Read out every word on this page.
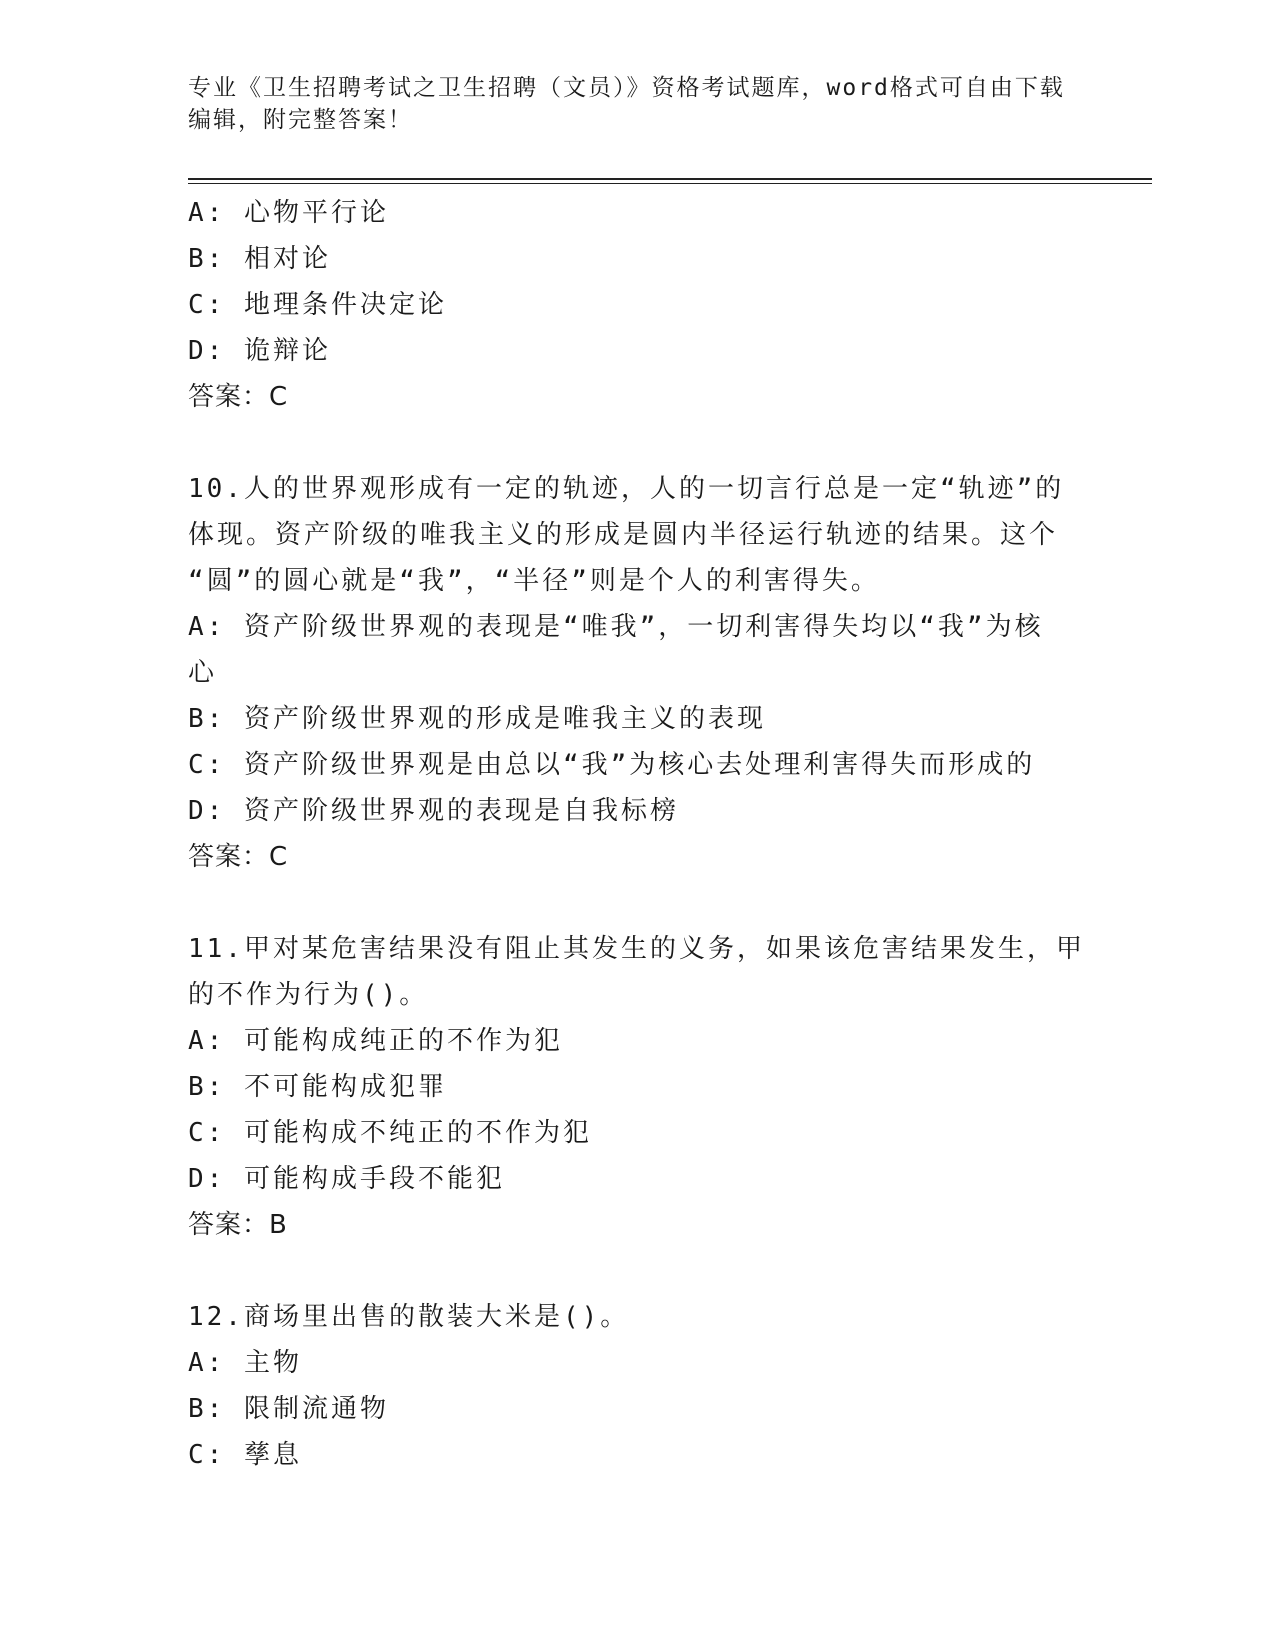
专业《卫生招聘考试之卫生招聘（文员）》资格考试题库，word格式可自由下载
编辑，附完整答案！
A: 心物平行论
B: 相对论
C: 地理条件决定论
D: 诡辩论
答案：C
10.人的世界观形成有一定的轨迹，人的一切言行总是一定“轨迹”的
体现。资产阶级的唯我主义的形成是圆内半径运行轨迹的结果。这个
“圆”的圆心就是“我”，“半径”则是个人的利害得失。
A: 资产阶级世界观的表现是“唯我”，一切利害得失均以“我”为核
心
B: 资产阶级世界观的形成是唯我主义的表现
C: 资产阶级世界观是由总以“我”为核心去处理利害得失而形成的
D: 资产阶级世界观的表现是自我标榜
答案：C
11.甲对某危害结果没有阻止其发生的义务，如果该危害结果发生，甲
的不作为行为()。
A: 可能构成纯正的不作为犯
B: 不可能构成犯罪
C: 可能构成不纯正的不作为犯
D: 可能构成手段不能犯
答案：B
12.商场里出售的散装大米是()。
A: 主物
B: 限制流通物
C: 孳息
